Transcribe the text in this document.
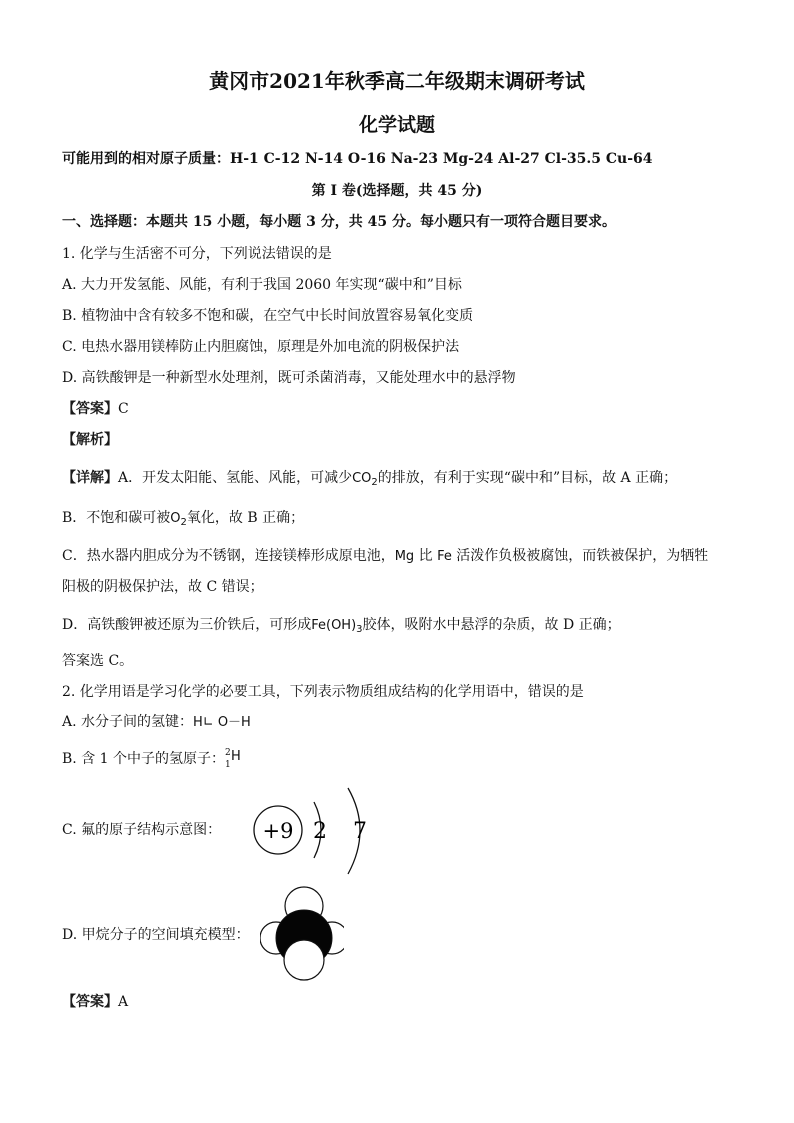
黄冈市2021年秋季高二年级期末调研考试
化学试题
可能用到的相对原子质量：H-1 C-12 N-14 O-16 Na-23 Mg-24 Al-27 Cl-35.5 Cu-64
第 I 卷(选择题，共 45 分)
一、选择题：本题共 15 小题，每小题 3 分，共 45 分。每小题只有一项符合题目要求。
1. 化学与生活密不可分，下列说法错误的是
A. 大力开发氢能、风能，有利于我国 2060 年实现“碳中和”目标
B. 植物油中含有较多不饱和碳，在空气中长时间放置容易氧化变质
C. 电热水器用镁棒防止内胆腐蚀，原理是外加电流的阴极保护法
D. 高铁酸钾是一种新型水处理剂，既可杀菌消毒，又能处理水中的悬浮物
【答案】C
【解析】
【详解】A．开发太阳能、氢能、风能，可减少$CO_2$的排放，有利于实现“碳中和”目标，故 A 正确；
B．不饱和碳可被$O_2$氧化，故 B 正确；
C．热水器内胆成分为不锈钢，连接镁棒形成原电池，Mg 比 Fe 活泼作负极被腐蚀，而铁被保护，为牺牲
阳极的阴极保护法，故 C 错误；
D．高铁酸钾被还原为三价铁后，可形成$Fe(OH)_3$胶体，吸附水中悬浮的杂质，故 D 正确；
答案选 C。
2. 化学用语是学习化学的必要工具，下列表示物质组成结构的化学用语中，错误的是
A. 水分子间的氢键：H∟ O－H
B. 含 1 个中子的氢原子： 2
1
H
C. 氟的原子结构示意图： +9 2 7
D. 甲烷分子的空间填充模型：
【答案】A
